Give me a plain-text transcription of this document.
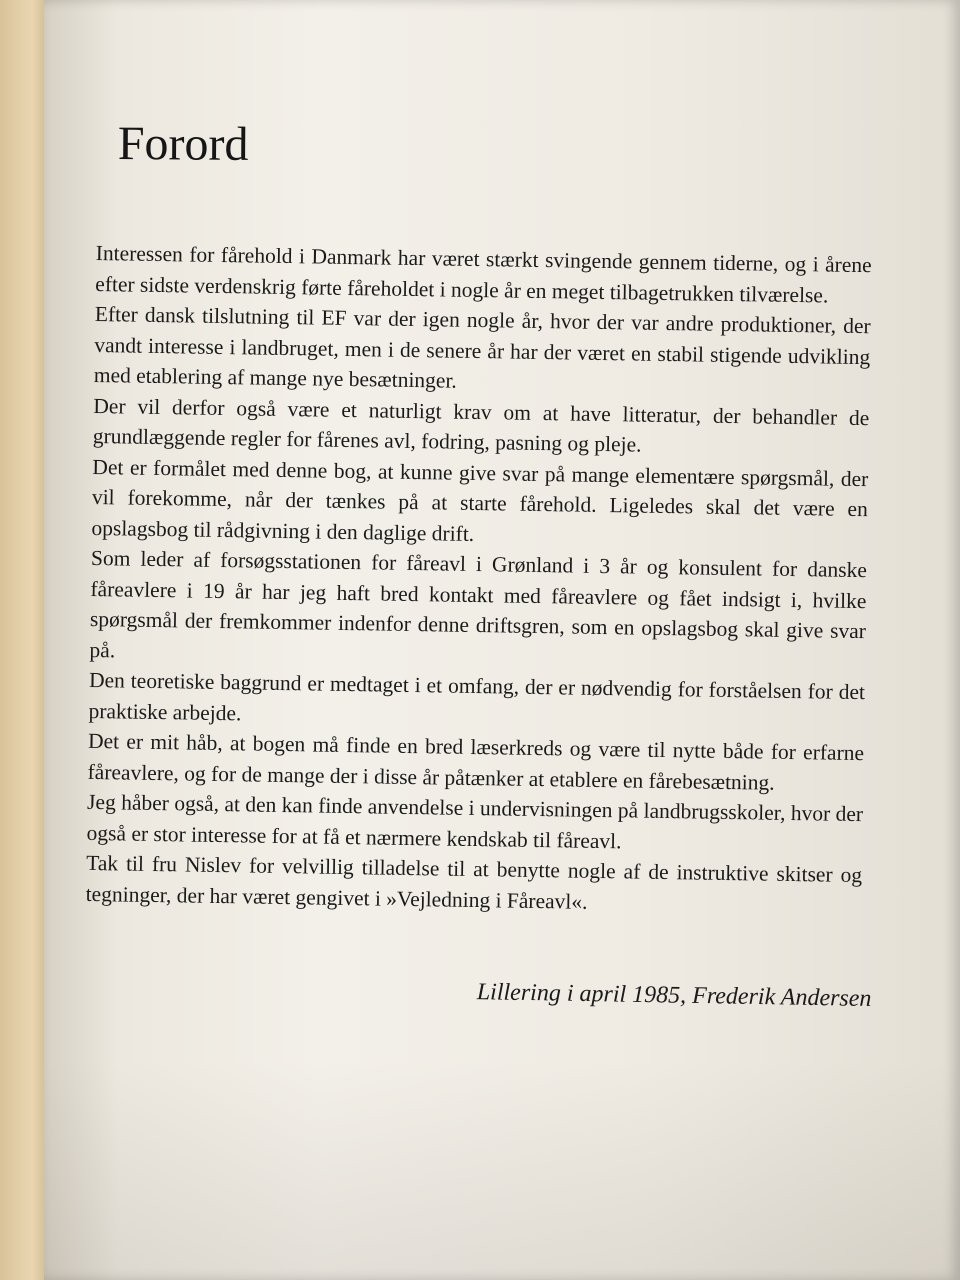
Forord

Interessen for fårehold i Danmark har været stærkt svingende gennem tiderne, og i årene efter sidste verdenskrig førte fåreholdet i nogle år en meget tilbagetrukken tilværelse.

Efter dansk tilslutning til EF var der igen nogle år, hvor der var andre produktioner, der vandt interesse i landbruget, men i de senere år har der været en stabil stigende udvikling med etablering af mange nye besætninger.

Der vil derfor også være et naturligt krav om at have litteratur, der behandler de grundlæggende regler for fårenes avl, fodring, pasning og pleje.

Det er formålet med denne bog, at kunne give svar på mange elementære spørgsmål, der vil forekomme, når der tænkes på at starte fårehold. Ligeledes skal det være en opslagsbog til rådgivning i den daglige drift.

Som leder af forsøgsstationen for fåreavl i Grønland i 3 år og konsulent for danske fåreavlere i 19 år har jeg haft bred kontakt med fåreavlere og fået indsigt i, hvilke spørgsmål der fremkommer indenfor denne driftsgren, som en opslagsbog skal give svar på.

Den teoretiske baggrund er medtaget i et omfang, der er nødvendig for forståelsen for det praktiske arbejde.

Det er mit håb, at bogen må finde en bred læserkreds og være til nytte både for erfarne fåreavlere, og for de mange der i disse år påtænker at etablere en fårebesætning.

Jeg håber også, at den kan finde anvendelse i undervisningen på landbrugsskoler, hvor der også er stor interesse for at få et nærmere kendskab til fåreavl.

Tak til fru Nislev for velvillig tilladelse til at benytte nogle af de instruktive skitser og tegninger, der har været gengivet i »Vejledning i Fåreavl«.

Lillering i april 1985, Frederik Andersen
